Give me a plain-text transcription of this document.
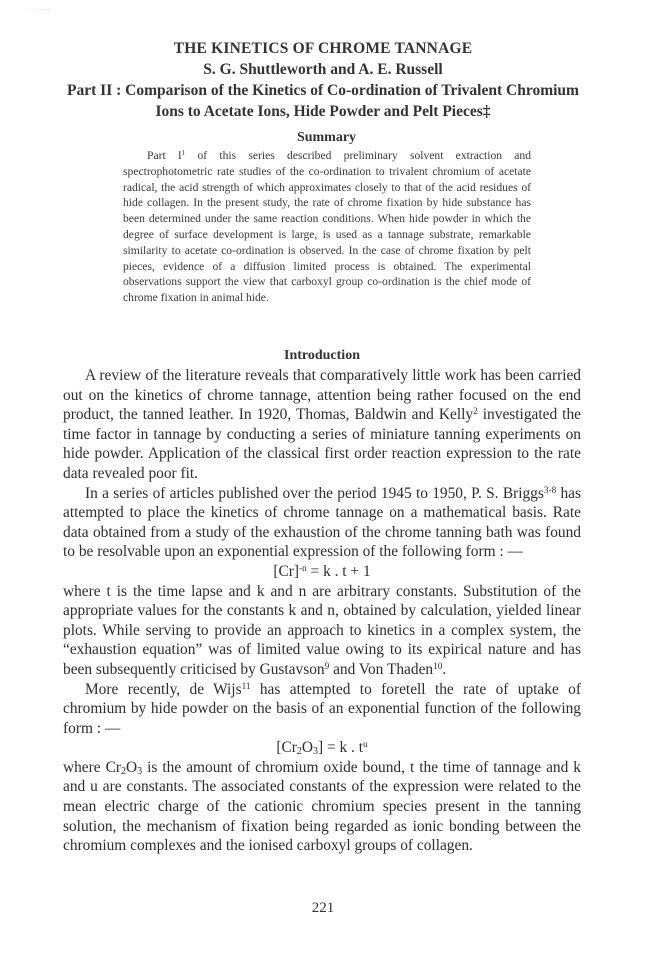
· ···~·~
THE KINETICS OF CHROME TANNAGE
S. G. Shuttleworth and A. E. Russell
Part II : Comparison of the Kinetics of Co-ordination of Trivalent Chromium
Ions to Acetate Ions, Hide Powder and Pelt Pieces‡
Summary

Part $I^1$ of this series described preliminary solvent extraction and spectrophotometric rate studies of the co-ordination to trivalent chromium of acetate radical, the acid strength of which approximates closely to that of the acid residues of hide collagen. In the present study, the rate of chrome fixation by hide substance has been determined under the same reaction conditions. When hide powder in which the degree of surface development is large, is used as a tannage substrate, remarkable similarity to acetate co-ordination is observed. In the case of chrome fixation by pelt pieces, evidence of a diffusion limited process is obtained. The experimental observations support the view that carboxyl group co-ordination is the chief mode of chrome fixation in animal hide.

Introduction

A review of the literature reveals that comparatively little work has been carried out on the kinetics of chrome tannage, attention being rather focused on the end product, the tanned leather. In 1920, Thomas, Baldwin and Kelly$^2$ investigated the time factor in tannage by conducting a series of miniature tanning experiments on hide powder. Application of the classical first order reaction expression to the rate data revealed poor fit.

In a series of articles published over the period 1945 to 1950, P. S. Briggs$^{3-8}$ has attempted to place the kinetics of chrome tannage on a mathematical basis. Rate data obtained from a study of the exhaustion of the chrome tanning bath was found to be resolvable upon an exponential expression of the following form : —

$[Cr]^{-n} = k$ . t + 1

where t is the time lapse and k and n are arbitrary constants. Substitution of the appropriate values for the constants k and n, obtained by calculation, yielded linear plots. While serving to provide an approach to kinetics in a complex system, the “exhaustion equation” was of limited value owing to its expirical nature and has been subsequently criticised by Gustavson$^9$ and Von Thaden$^{10}$.

More recently, de Wijs$^{11}$ has attempted to foretell the rate of uptake of chromium by hide powder on the basis of an exponential function of the following form : —

$[Cr_2O_3] = k$ . $t^u$

where $Cr_2O_3$ is the amount of chromium oxide bound, t the time of tannage and k and u are constants. The associated constants of the expression were related to the mean electric charge of the cationic chromium species present in the tanning solution, the mechanism of fixation being regarded as ionic bonding between the chromium complexes and the ionised carboxyl groups of collagen.

221
